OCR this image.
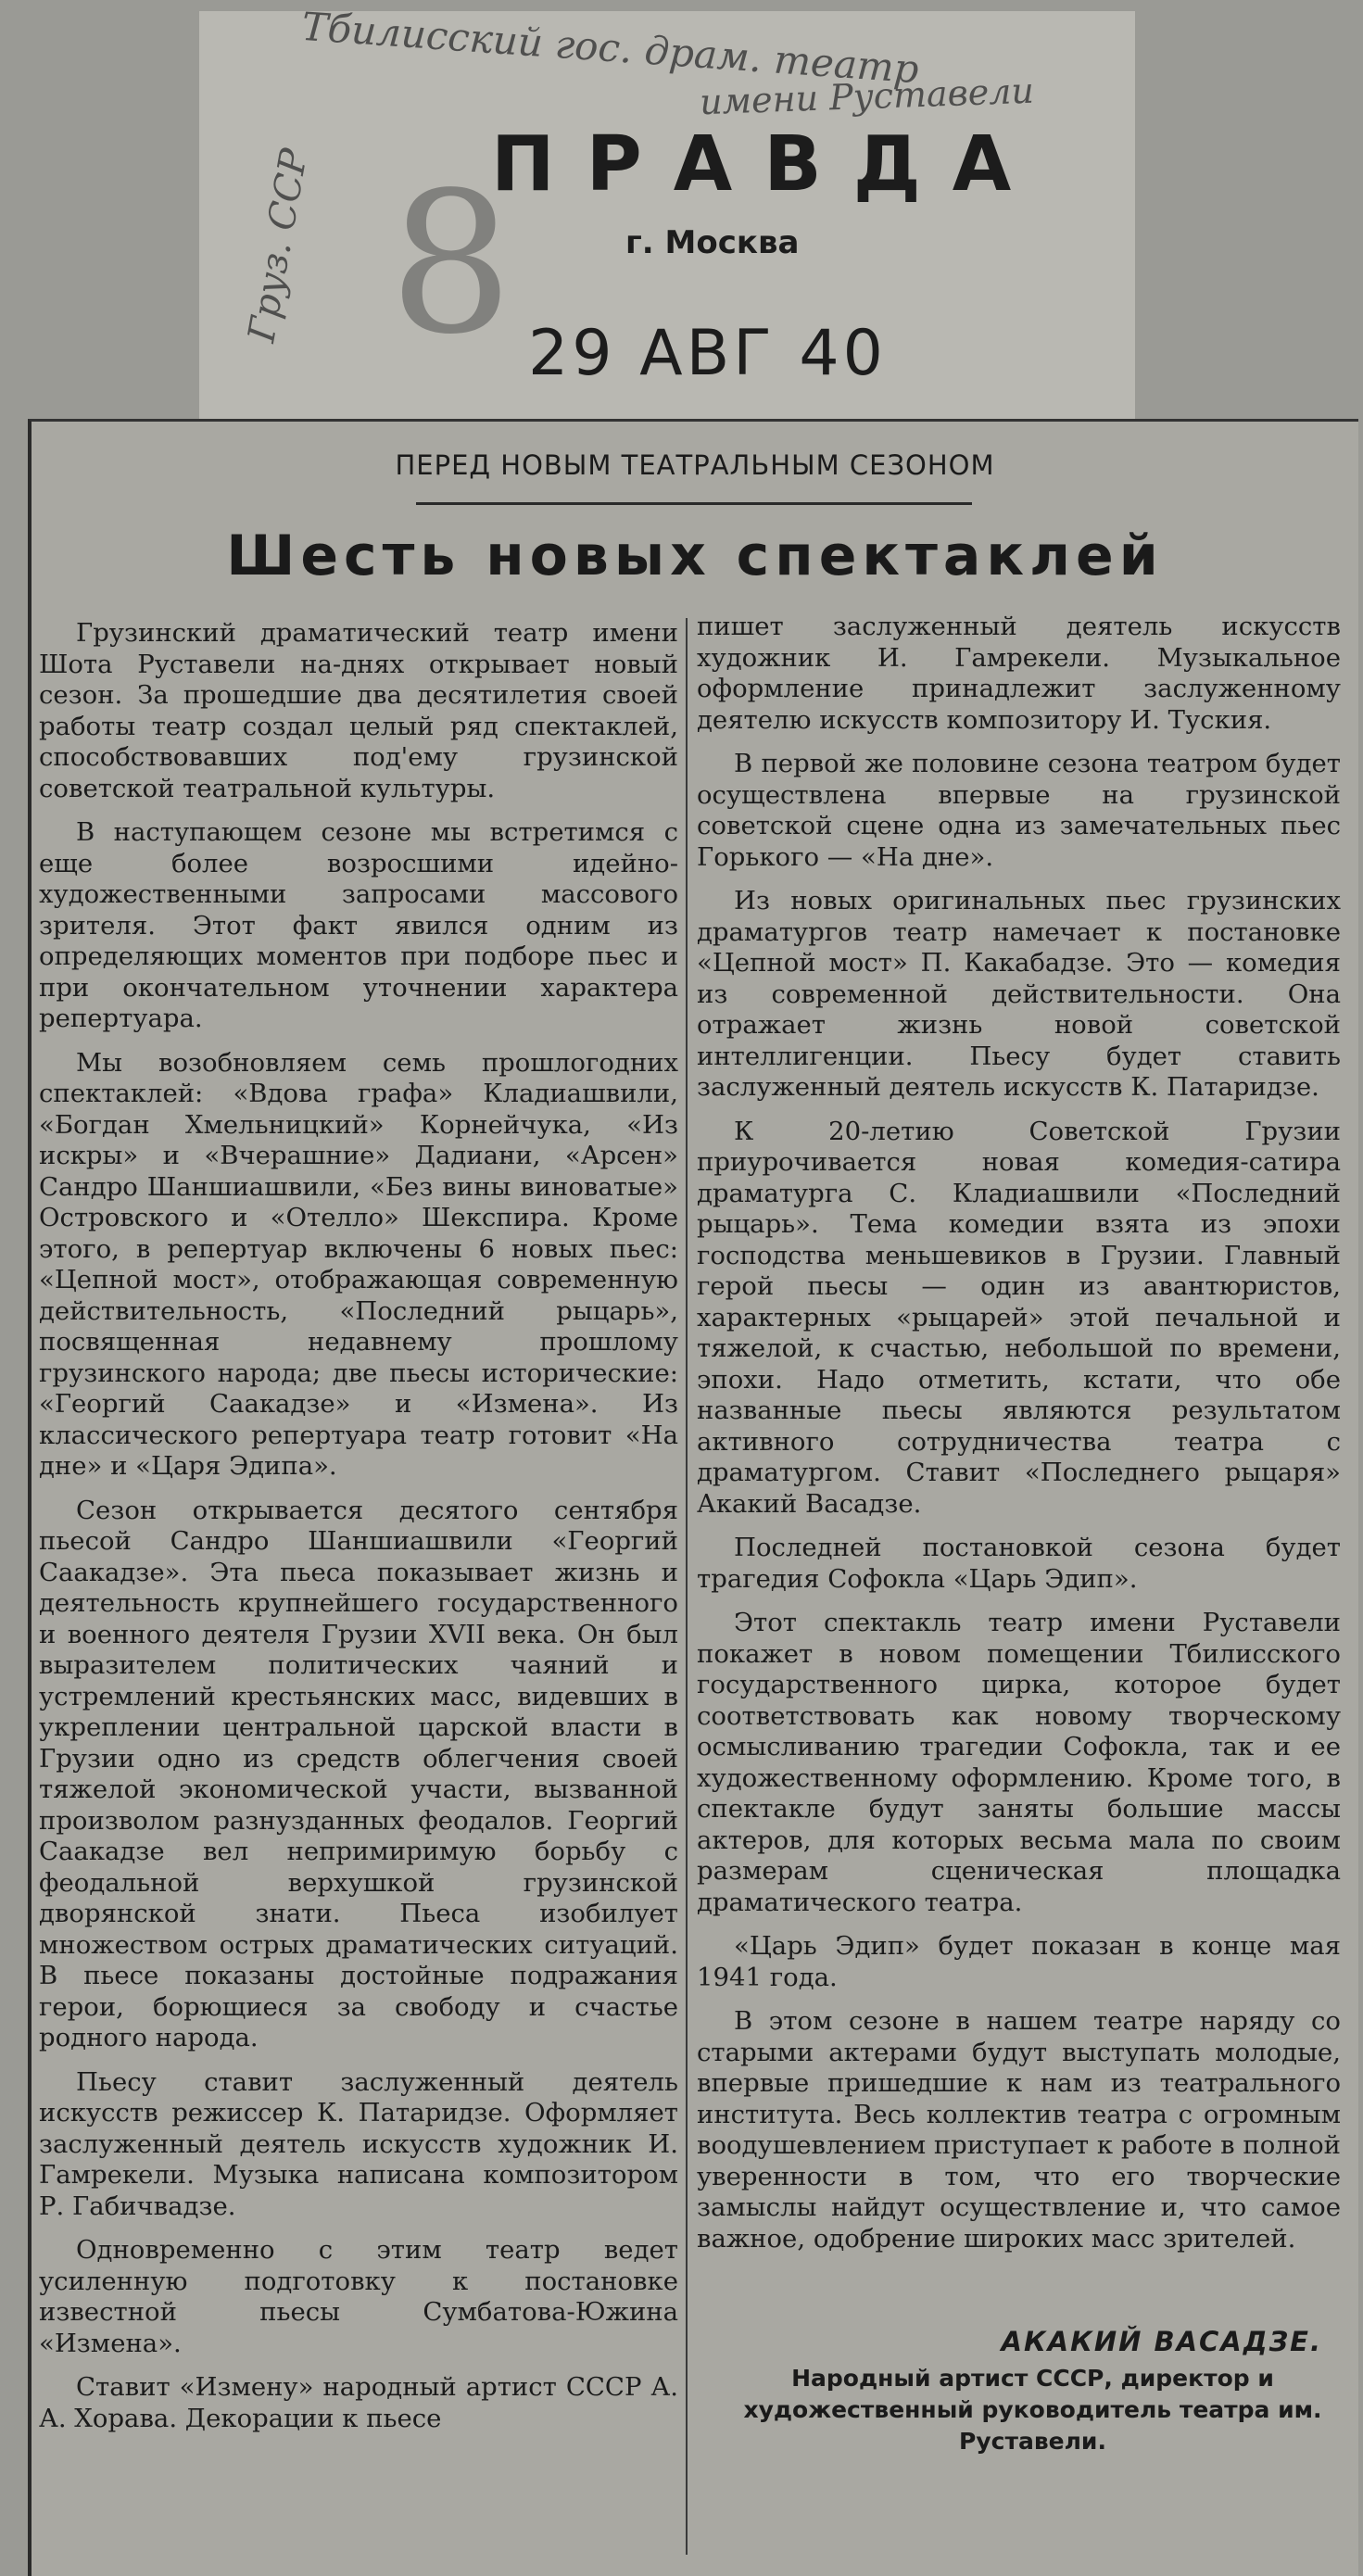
8
Тбилисский гос. драм. театр
имени Руставели
Груз. ССР ПРАВДА
г. Москва
29 АВГ 40
ПЕРЕД НОВЫМ ТЕАТРАЛЬНЫМ СЕЗОНОМ
Шесть новых спектаклей

Грузинский драматический театр имени Шота Руставели на-днях открывает новый сезон. За прошедшие два десятилетия своей работы театр создал целый ряд спектаклей, способствовавших под'ему грузинской советской театральной культуры.

В наступающем сезоне мы встретимся с еще более возросшими идейно-художественными запросами массового зрителя. Этот факт явился одним из определяющих моментов при подборе пьес и при окончательном уточнении характера репертуара.

Мы возобновляем семь прошлогодних спектаклей: «Вдова графа» Кладиашвили, «Богдан Хмельницкий» Корнейчука, «Из искры» и «Вчерашние» Дадиани, «Арсен» Сандро Шаншиашвили, «Без вины виноватые» Островского и «Отелло» Шекспира. Кроме этого, в репертуар включены 6 новых пьес: «Цепной мост», отображающая современную действительность, «Последний рыцарь», посвященная недавнему прошлому грузинского народа; две пьесы исторические: «Георгий Саакадзе» и «Измена». Из классического репертуара театр готовит «На дне» и «Царя Эдипа».

Сезон открывается десятого сентября пьесой Сандро Шаншиашвили «Георгий Саакадзе». Эта пьеса показывает жизнь и деятельность крупнейшего государственного и военного деятеля Грузии XVII века. Он был выразителем политических чаяний и устремлений крестьянских масс, видевших в укреплении центральной царской власти в Грузии одно из средств облегчения своей тяжелой экономической участи, вызванной произволом разнузданных феодалов. Георгий Саакадзе вел непримиримую борьбу с феодальной верхушкой грузинской дворянской знати. Пьеса изобилует множеством острых драматических ситуаций. В пьесе показаны достойные подражания герои, борющиеся за свободу и счастье родного народа.

Пьесу ставит заслуженный деятель искусств режиссер К. Патаридзе. Оформляет заслуженный деятель искусств художник И. Гамрекели. Музыка написана композитором Р. Габичвадзе.

Одновременно с этим театр ведет усиленную подготовку к постановке известной пьесы Сумбатова-Южина «Измена».

Ставит «Измену» народный артист СССР А. А. Хорава. Декорации к пьесе

пишет заслуженный деятель искусств художник И. Гамрекели. Музыкальное оформление принадлежит заслуженному деятелю искусств композитору И. Туския.

В первой же половине сезона театром будет осуществлена впервые на грузинской советской сцене одна из замечательных пьес Горького — «На дне».

Из новых оригинальных пьес грузинских драматургов театр намечает к постановке «Цепной мост» П. Какабадзе. Это — комедия из современной действительности. Она отражает жизнь новой советской интеллигенции. Пьесу будет ставить заслуженный деятель искусств К. Патаридзе.

К 20-летию Советской Грузии приурочивается новая комедия-сатира драматурга С. Кладиашвили «Последний рыцарь». Тема комедии взята из эпохи господства меньшевиков в Грузии. Главный герой пьесы — один из авантюристов, характерных «рыцарей» этой печальной и тяжелой, к счастью, небольшой по времени, эпохи. Надо отметить, кстати, что обе названные пьесы являются результатом активного сотрудничества театра с драматургом. Ставит «Последнего рыцаря» Акакий Васадзе.

Последней постановкой сезона будет трагедия Софокла «Царь Эдип».

Этот спектакль театр имени Руставели покажет в новом помещении Тбилисского государственного цирка, которое будет соответствовать как новому творческому осмысливанию трагедии Софокла, так и ее художественному оформлению. Кроме того, в спектакле будут заняты большие массы актеров, для которых весьма мала по своим размерам сценическая площадка драматического театра.

«Царь Эдип» будет показан в конце мая 1941 года.

В этом сезоне в нашем театре наряду со старыми актерами будут выступать молодые, впервые пришедшие к нам из театрального института. Весь коллектив театра с огромным воодушевлением приступает к работе в полной уверенности в том, что его творческие замыслы найдут осуществление и, что самое важное, одобрение широких масс зрителей.

АКАКИЙ ВАСАДЗЕ.
Народный артист СССР, директор и художественный руководитель театра им. Руставели.
